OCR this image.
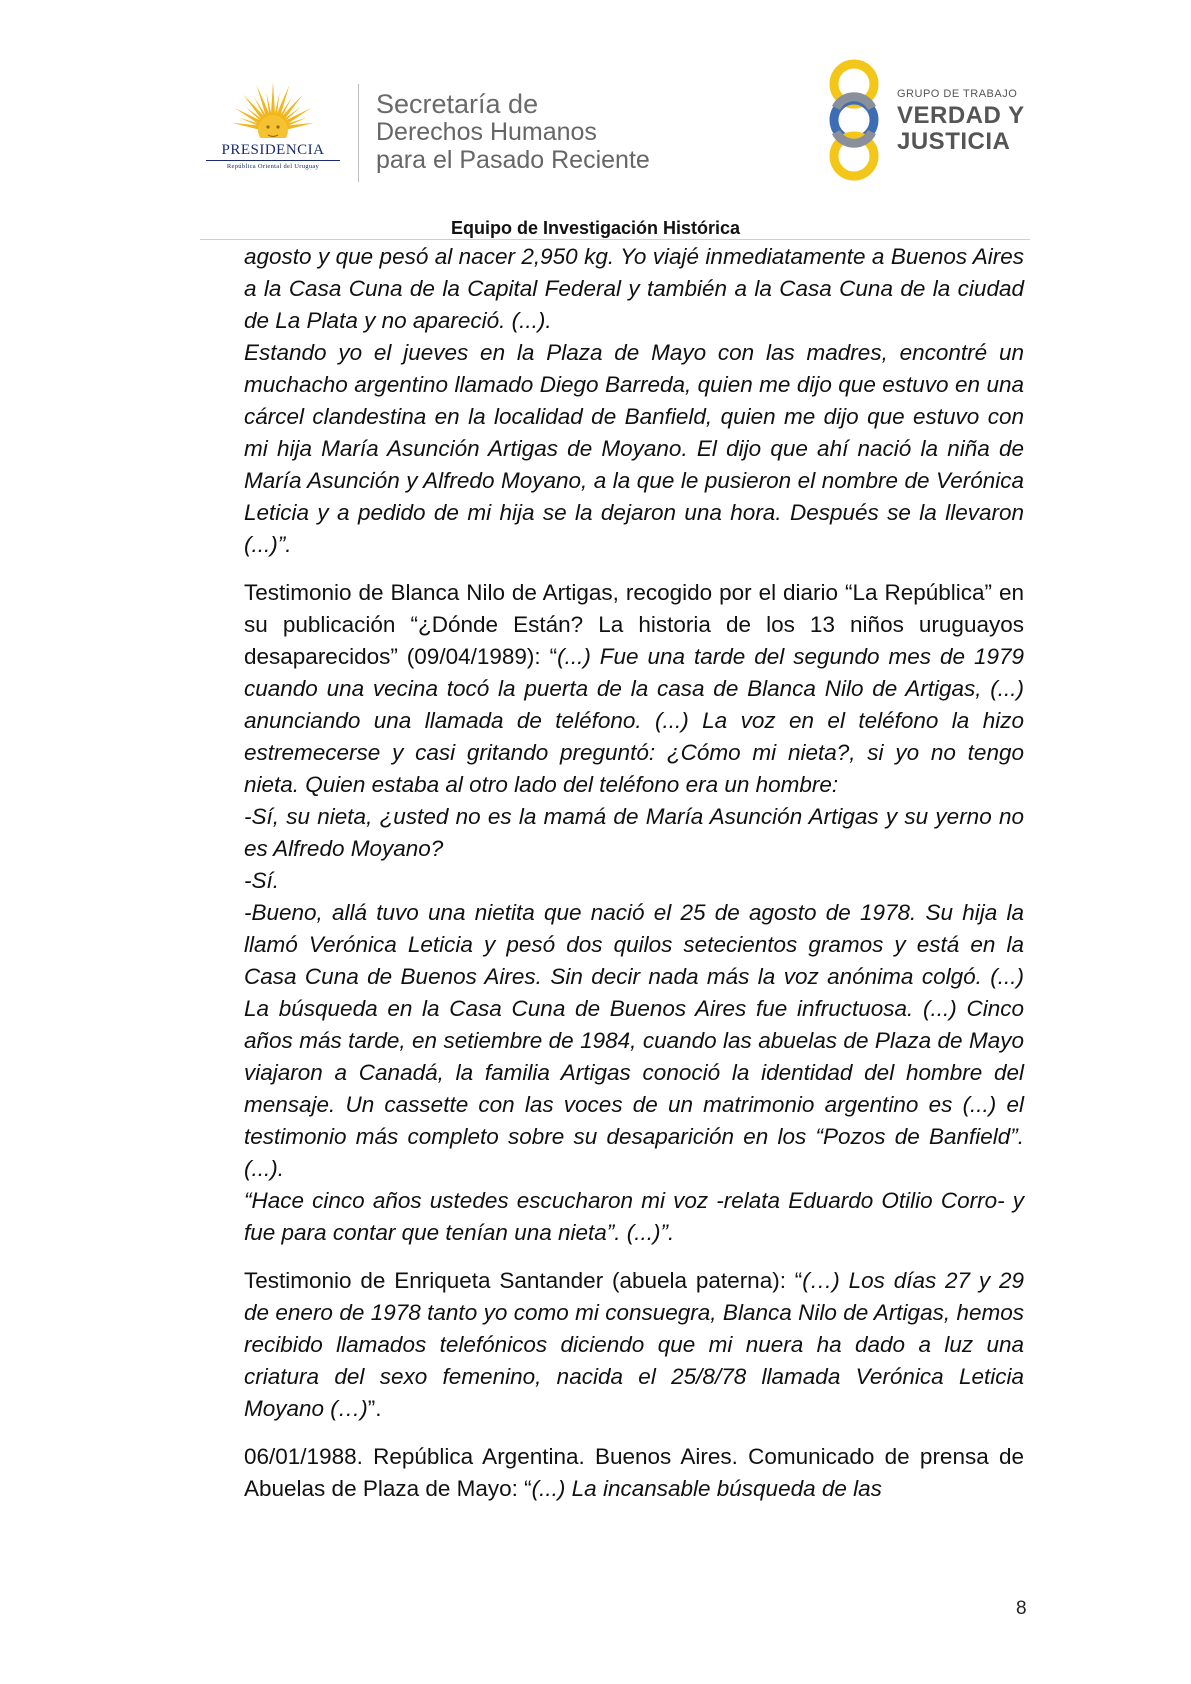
PRESIDENCIA
República Oriental del Uruguay
Secretaría de
Derechos Humanos
para el Pasado Reciente
GRUPO DE TRABAJO
VERDAD Y
JUSTICIA
Equipo de Investigación Histórica

agosto y que pesó al nacer 2,950 kg. Yo viajé inmediatamente a Buenos Aires a la Casa Cuna de la Capital Federal y también a la Casa Cuna de la ciudad de La Plata y no apareció. (...).

Estando yo el jueves en la Plaza de Mayo con las madres, encontré un muchacho argentino llamado Diego Barreda, quien me dijo que estuvo en una cárcel clandestina en la localidad de Banfield, quien me dijo que estuvo con mi hija María Asunción Artigas de Moyano. El dijo que ahí nació la niña de María Asunción y Alfredo Moyano, a la que le pusieron el nombre de Verónica Leticia y a pedido de mi hija se la dejaron una hora. Después se la llevaron (...)”.

Testimonio de Blanca Nilo de Artigas, recogido por el diario “La República” en su publicación “¿Dónde Están? La historia de los 13 niños uruguayos desaparecidos” (09/04/1989): “(...) Fue una tarde del segundo mes de 1979 cuando una vecina tocó la puerta de la casa de Blanca Nilo de Artigas, (...) anunciando una llamada de teléfono. (...) La voz en el teléfono la hizo estremecerse y casi gritando preguntó: ¿Cómo mi nieta?, si yo no tengo nieta. Quien estaba al otro lado del teléfono era un hombre:

-Sí, su nieta, ¿usted no es la mamá de María Asunción Artigas y su yerno no es Alfredo Moyano?

-Sí.

-Bueno, allá tuvo una nietita que nació el 25 de agosto de 1978. Su hija la llamó Verónica Leticia y pesó dos quilos setecientos gramos y está en la Casa Cuna de Buenos Aires. Sin decir nada más la voz anónima colgó. (...) La búsqueda en la Casa Cuna de Buenos Aires fue infructuosa. (...) Cinco años más tarde, en setiembre de 1984, cuando las abuelas de Plaza de Mayo viajaron a Canadá, la familia Artigas conoció la identidad del hombre del mensaje. Un cassette con las voces de un matrimonio argentino es (...) el testimonio más completo sobre su desaparición en los “Pozos de Banfield”. (...).

“Hace cinco años ustedes escucharon mi voz -relata Eduardo Otilio Corro- y fue para contar que tenían una nieta”. (...)”.

Testimonio de Enriqueta Santander (abuela paterna): “(…) Los días 27 y 29 de enero de 1978 tanto yo como mi consuegra, Blanca Nilo de Artigas, hemos recibido llamados telefónicos diciendo que mi nuera ha dado a luz una criatura del sexo femenino, nacida el 25/8/78 llamada Verónica Leticia Moyano (…)”.

06/01/1988. República Argentina. Buenos Aires. Comunicado de prensa de Abuelas de Plaza de Mayo: “(...) La incansable búsqueda de las

8
